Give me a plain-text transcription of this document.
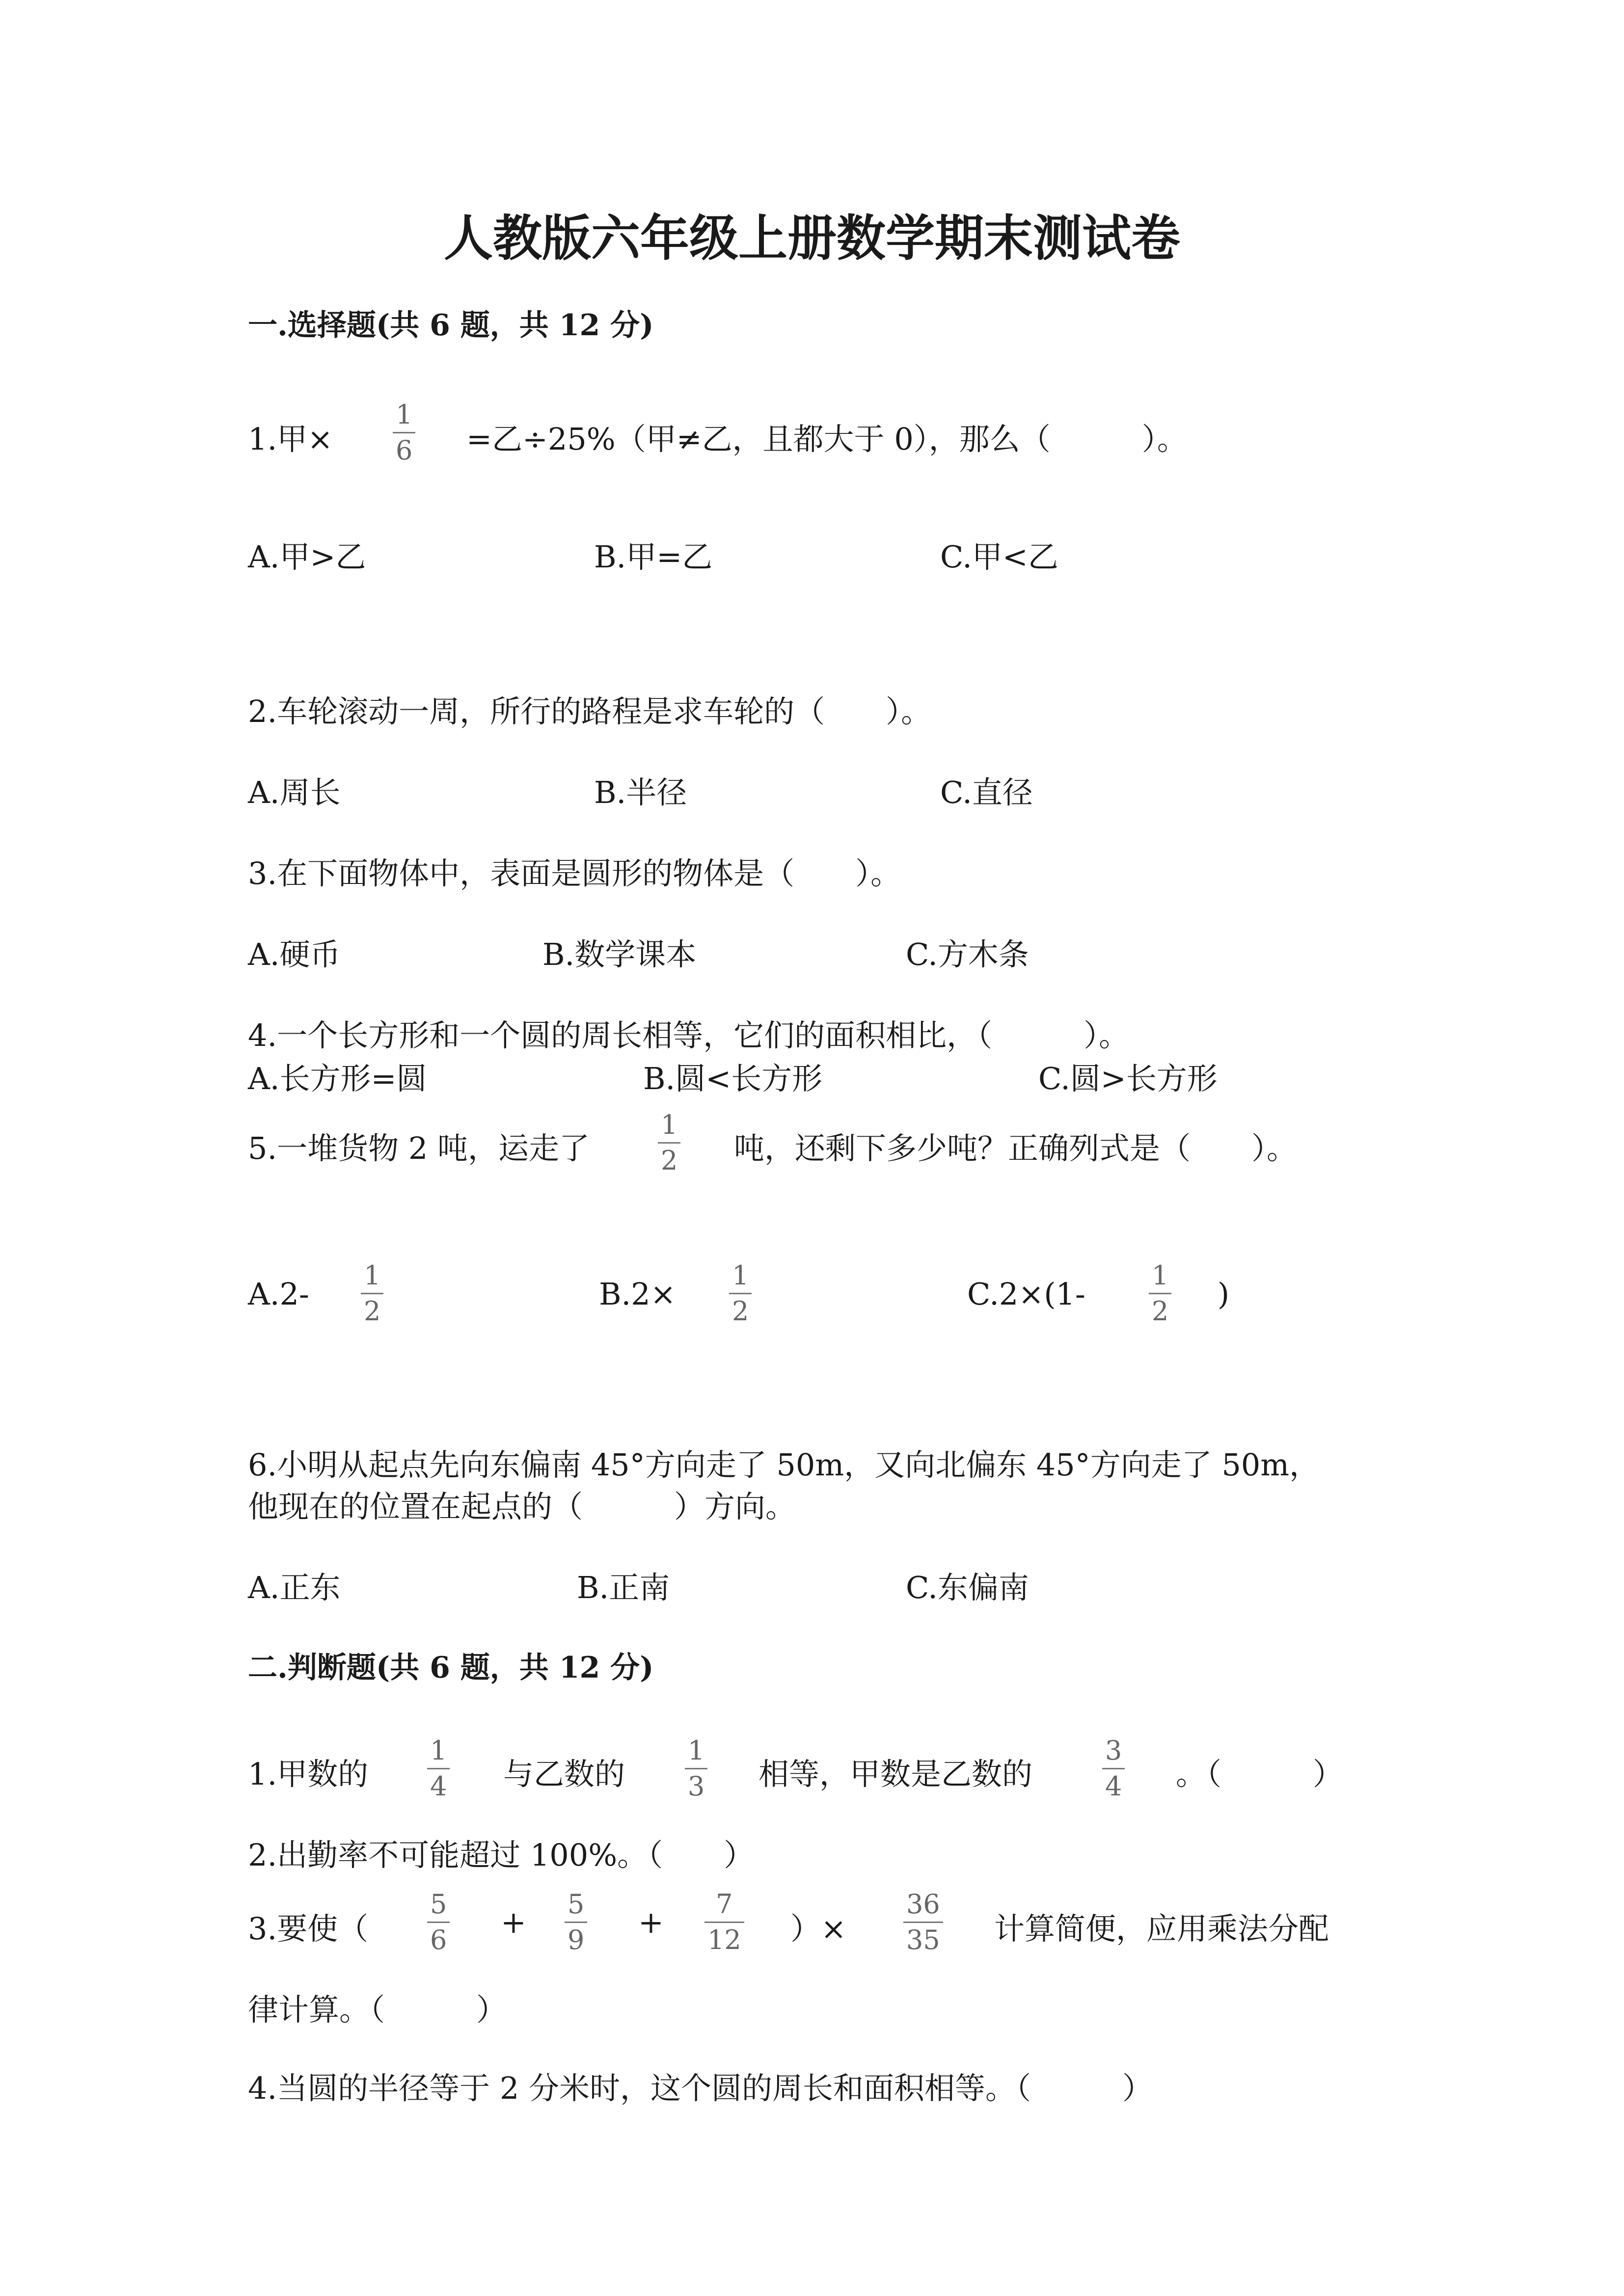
人教版六年级上册数学期末测试卷
一.选择题(共 6 题，共 12 分)
1.甲×
1
6 =乙÷25%（甲≠乙，且都大于 0），那么（　　　）。
A.甲>乙	B.甲=乙	C.甲<乙
2.车轮滚动一周，所行的路程是求车轮的（　　）。
A.周长	B.半径	C.直径
3.在下面物体中，表面是圆形的物体是（　　）。
A.硬币	B.数学课本	C.方木条
4.一个长方形和一个圆的周长相等，它们的面积相比，（　　　）。
A.长方形=圆	B.圆<长方形	C.圆>长方形
5.一堆货物 2 吨，运走了
1
2 吨，还剩下多少吨？正确列式是（　　）。
A.2-
1
2	B.2×
1
2	C.2×(1-
1
2 )
6.小明从起点先向东偏南 45°方向走了 50m，又向北偏东 45°方向走了 50m，
他现在的位置在起点的（　　　）方向。
A.正东	B.正南	C.东偏南
二.判断题(共 6 题，共 12 分)
1.甲数的
1
4 与乙数的
1
3 相等，甲数是乙数的
3
4 。（　　　）
2.出勤率不可能超过 100%。（　　）
3.要使（
5
6 +
5
9 +
7
12 ）×
36
35 计算简便，应用乘法分配
律计算。（　　　）
4.当圆的半径等于 2 分米时，这个圆的周长和面积相等。（　　　）
